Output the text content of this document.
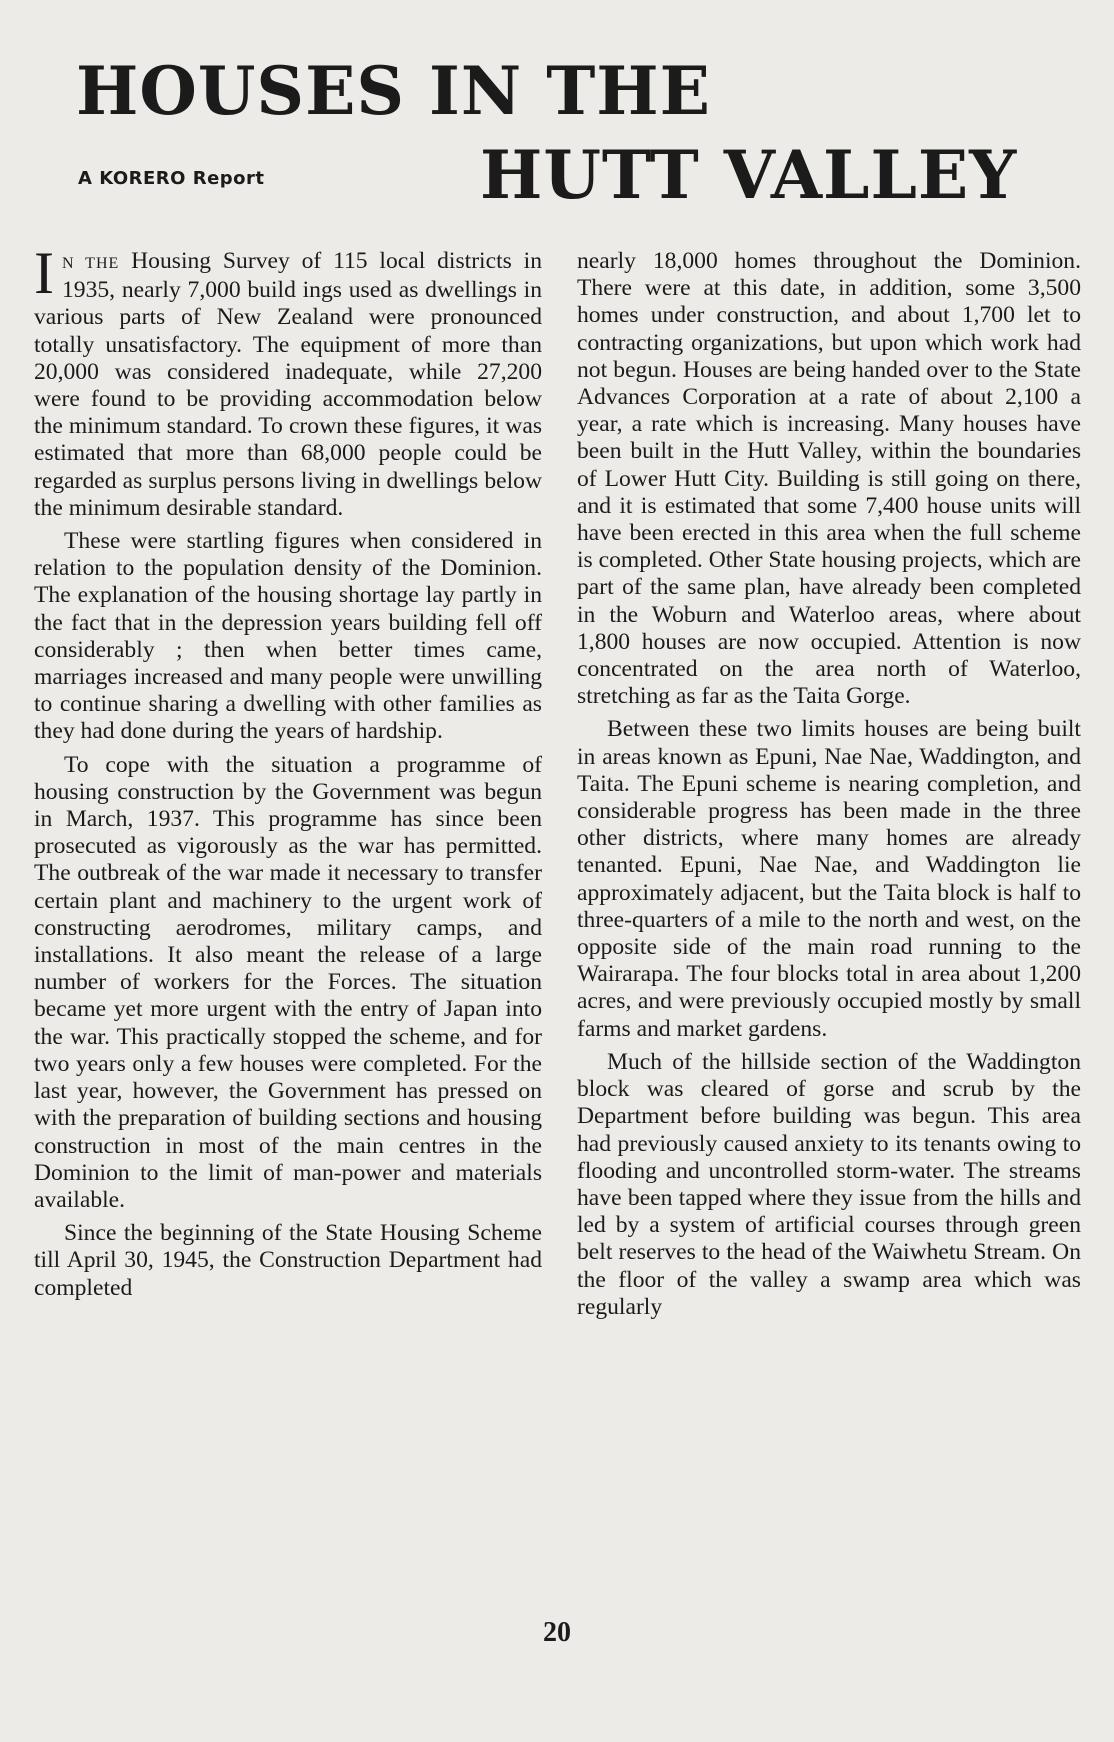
HOUSES IN THE
A KORERO Report	HUTT VALLEY

I N THE Housing Survey of 115 local districts in 1935, nearly 7,000 build ings used as dwellings in various parts of New Zealand were pronounced totally unsatisfactory. The equipment of more than 20,000 was considered inadequate, while 27,200 were found to be providing accommodation below the minimum standard. To crown these figures, it was estimated that more than 68,000 people could be regarded as surplus persons living in dwellings below the minimum desirable standard.

These were startling figures when considered in relation to the population density of the Dominion. The explanation of the housing shortage lay partly in the fact that in the depression years building fell off considerably ; then when better times came, marriages increased and many people were unwilling to continue sharing a dwelling with other families as they had done during the years of hardship.

To cope with the situation a programme of housing construction by the Government was begun in March, 1937. This programme has since been prosecuted as vigorously as the war has permitted. The outbreak of the war made it necessary to transfer certain plant and machinery to the urgent work of constructing aerodromes, military camps, and installations. It also meant the release of a large number of workers for the Forces. The situation became yet more urgent with the entry of Japan into the war. This practically stopped the scheme, and for two years only a few houses were completed. For the last year, however, the Government has pressed on with the preparation of building sections and housing construction in most of the main centres in the Dominion to the limit of man-power and materials available.

Since the beginning of the State Housing Scheme till April 30, 1945, the Construction Department had completed

nearly 18,000 homes throughout the Dominion. There were at this date, in addition, some 3,500 homes under construction, and about 1,700 let to contracting organizations, but upon which work had not begun. Houses are being handed over to the State Advances Corporation at a rate of about 2,100 a year, a rate which is increasing. Many houses have been built in the Hutt Valley, within the boundaries of Lower Hutt City. Building is still going on there, and it is estimated that some 7,400 house units will have been erected in this area when the full scheme is completed. Other State housing projects, which are part of the same plan, have already been completed in the Woburn and Waterloo areas, where about 1,800 houses are now occupied. Attention is now concentrated on the area north of Waterloo, stretching as far as the Taita Gorge.

Between these two limits houses are being built in areas known as Epuni, Nae Nae, Waddington, and Taita. The Epuni scheme is nearing completion, and considerable progress has been made in the three other districts, where many homes are already tenanted. Epuni, Nae Nae, and Waddington lie approximately adjacent, but the Taita block is half to three-quarters of a mile to the north and west, on the opposite side of the main road running to the Wairarapa. The four blocks total in area about 1,200 acres, and were previously occupied mostly by small farms and market gardens.

Much of the hillside section of the Waddington block was cleared of gorse and scrub by the Department before building was begun. This area had previously caused anxiety to its tenants owing to flooding and uncontrolled storm-water. The streams have been tapped where they issue from the hills and led by a system of artificial courses through green belt reserves to the head of the Waiwhetu Stream. On the floor of the valley a swamp area which was regularly

20
